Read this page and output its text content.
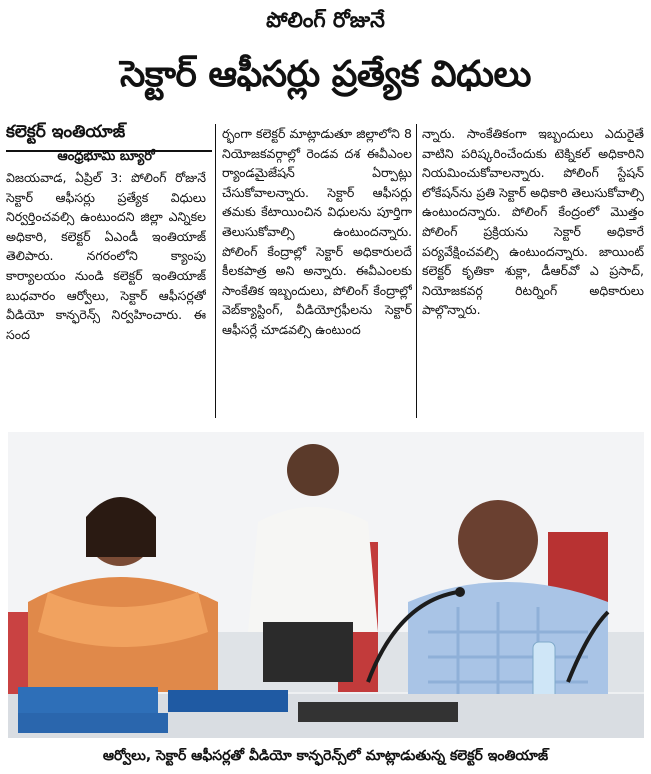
పోలింగ్ రోజునే
సెక్టార్ ఆఫీసర్లు ప్రత్యేక విధులు

కలెక్టర్ ఇంతియాజ్

ఆంధ్రభూమి బ్యూరో

విజయవాడ, ఏప్రిల్ 3: పోలింగ్ రోజునే సెక్టార్ ఆఫీసర్లు ప్రత్యేక విధులు నిర్వర్తించవల్సి ఉంటుందని జిల్లా ఎన్నికల అధికారి, కలెక్టర్ ఏఎండీ ఇంతియాజ్ తెలిపారు. నగరంలోని క్యాంపు కార్యాలయం నుండి కలెక్టర్ ఇంతియాజ్ బుధవారం ఆర్వోలు, సెక్టార్ ఆఫీసర్లతో వీడియో కాన్ఫరెన్స్ నిర్వహించారు. ఈ సంద

ర్భంగా కలెక్టర్ మాట్లాడుతూ జిల్లాలోని 8 నియోజకవర్గాల్లో రెండవ దశ ఈవీఎంల ర్యాండమైజేషన్ ఏర్పాట్లు చేసుకోవాలన్నారు. సెక్టార్ ఆఫీసర్లు తమకు కేటాయించిన విధులను పూర్తిగా తెలుసుకోవాల్సి ఉంటుందన్నారు. పోలింగ్ కేంద్రాల్లో సెక్టార్ అధికారులదే కీలకపాత్ర అని అన్నారు. ఈవీఎంలకు సాంకేతిక ఇబ్బందులు, పోలింగ్ కేంద్రాల్లో వెబ్‌క్యాస్టింగ్, వీడియోగ్రఫీలను సెక్టార్ ఆఫీసర్లే చూడవల్సి ఉంటుంద

న్నారు. సాంకేతికంగా ఇబ్బందులు ఎదురైతే వాటిని పరిష్కరించేందుకు టెక్నికల్ అధికారిని నియమించుకోవాలన్నారు. పోలింగ్ స్టేషన్ లోకేషన్‌ను ప్రతి సెక్టార్ అధికారి తెలుసుకోవాల్సి ఉంటుందన్నారు. పోలింగ్ కేంద్రంలో మొత్తం పోలింగ్ ప్రక్రియను సెక్టార్ అధికారే పర్యవేక్షించవల్సి ఉంటుందన్నారు. జాయింట్ కలెక్టర్ కృతికా శుక్లా, డీఆర్‌వో ఎ ప్రసాద్, నియోజకవర్గ రిటర్నింగ్ అధికారులు పాల్గొన్నారు.

ఆర్వోలు, సెక్టార్ ఆఫీసర్లతో వీడియో కాన్ఫరెన్స్‌లో మాట్లాడుతున్న కలెక్టర్ ఇంతియాజ్
